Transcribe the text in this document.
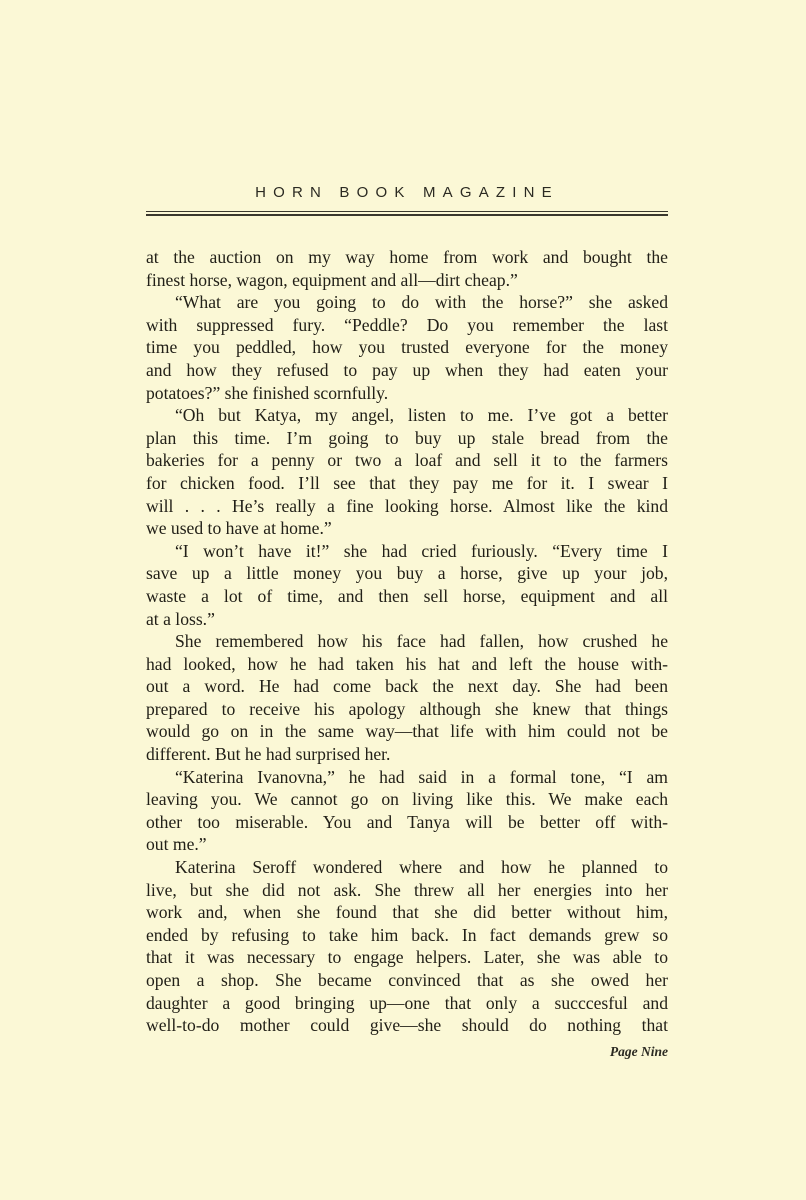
HORN BOOK MAGAZINE
at the auction on my way home from work and bought the
finest horse, wagon, equipment and all—dirt cheap.”
“What are you going to do with the horse?” she asked
with suppressed fury. “Peddle? Do you remember the last
time you peddled, how you trusted everyone for the money
and how they refused to pay up when they had eaten your
potatoes?” she finished scornfully.
“Oh but Katya, my angel, listen to me. I’ve got a better
plan this time. I’m going to buy up stale bread from the
bakeries for a penny or two a loaf and sell it to the farmers
for chicken food. I’ll see that they pay me for it. I swear I
will . . . He’s really a fine looking horse. Almost like the kind
we used to have at home.”
“I won’t have it!” she had cried furiously. “Every time I
save up a little money you buy a horse, give up your job,
waste a lot of time, and then sell horse, equipment and all
at a loss.”
She remembered how his face had fallen, how crushed he
had looked, how he had taken his hat and left the house with-
out a word. He had come back the next day. She had been
prepared to receive his apology although she knew that things
would go on in the same way—that life with him could not be
different. But he had surprised her.
“Katerina Ivanovna,” he had said in a formal tone, “I am
leaving you. We cannot go on living like this. We make each
other too miserable. You and Tanya will be better off with-
out me.”
Katerina Seroff wondered where and how he planned to
live, but she did not ask. She threw all her energies into her
work and, when she found that she did better without him,
ended by refusing to take him back. In fact demands grew so
that it was necessary to engage helpers. Later, she was able to
open a shop. She became convinced that as she owed her
daughter a good bringing up—one that only a succcesful and
well-to-do mother could give—she should do nothing that
Page Nine
